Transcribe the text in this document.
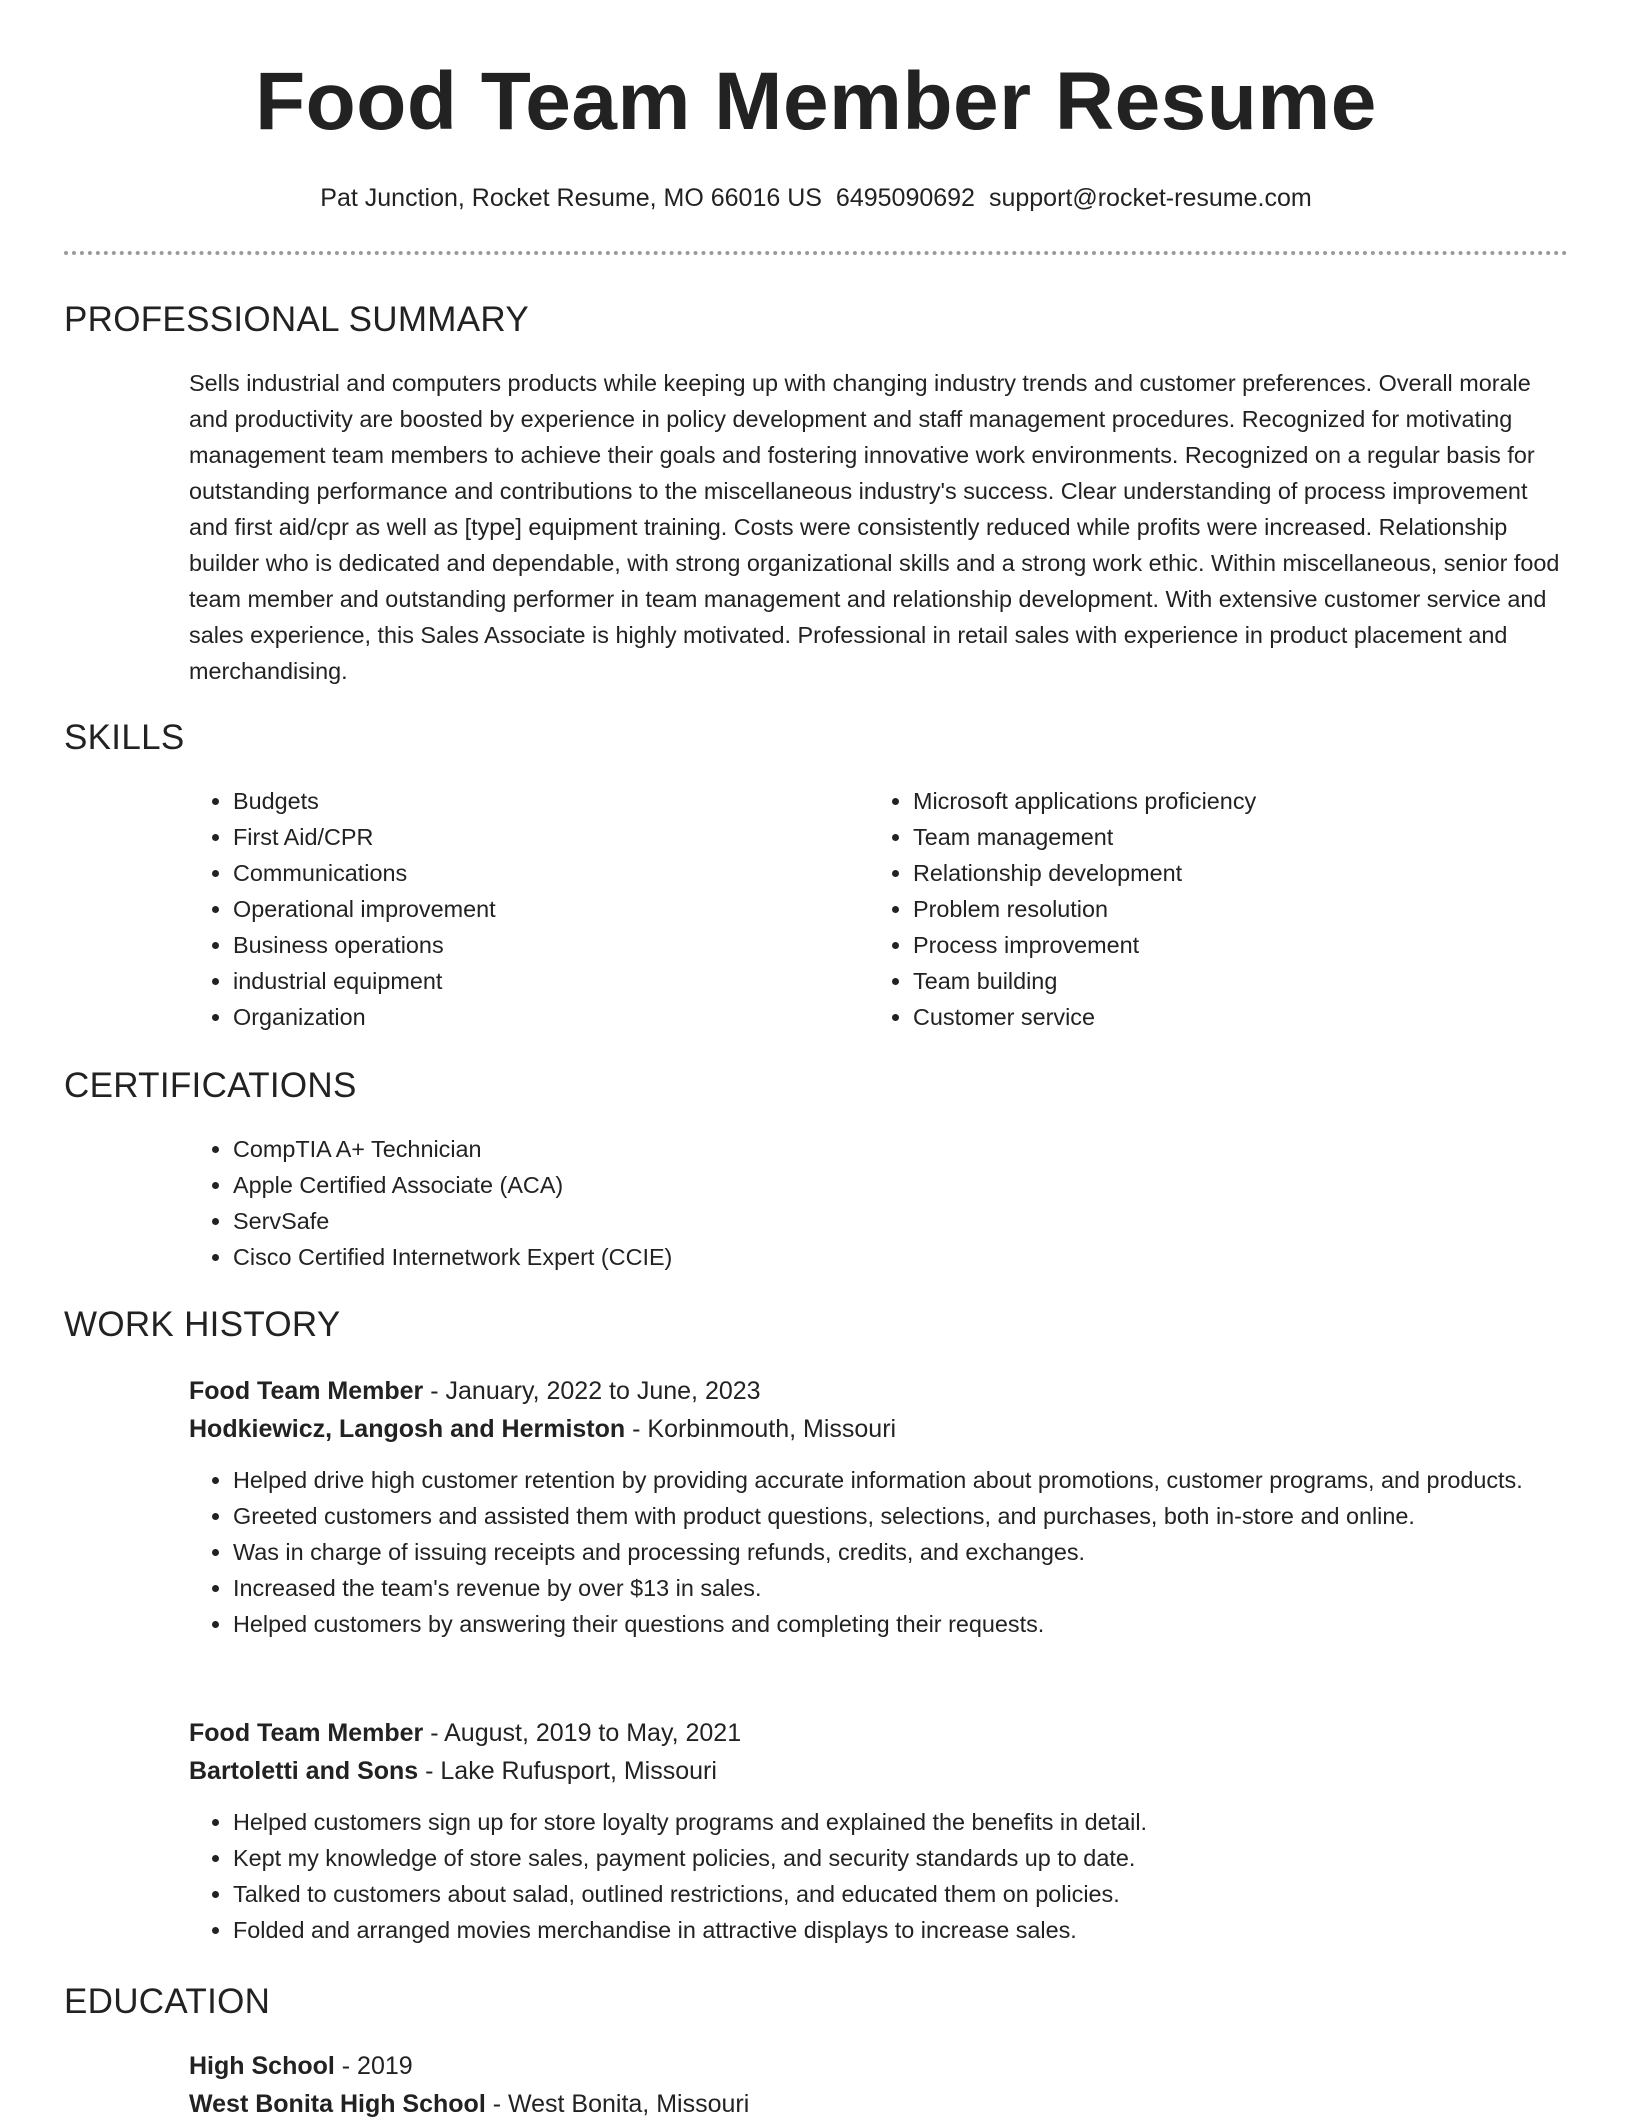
Food Team Member Resume
Pat Junction, Rocket Resume, MO 66016 US 6495090692 support@rocket-resume.com
PROFESSIONAL SUMMARY

Sells industrial and computers products while keeping up with changing industry trends and customer preferences. Overall morale and productivity are boosted by experience in policy development and staff management procedures. Recognized for motivating management team members to achieve their goals and fostering innovative work environments. Recognized on a regular basis for outstanding performance and contributions to the miscellaneous industry's success. Clear understanding of process improvement and first aid/cpr as well as [type] equipment training. Costs were consistently reduced while profits were increased. Relationship builder who is dedicated and dependable, with strong organizational skills and a strong work ethic. Within miscellaneous, senior food team member and outstanding performer in team management and relationship development. With extensive customer service and sales experience, this Sales Associate is highly motivated. Professional in retail sales with experience in product placement and merchandising.

SKILLS
• Budgets
• First Aid/CPR
• Communications
• Operational improvement
• Business operations
• industrial equipment
• Organization
• Microsoft applications proficiency
• Team management
• Relationship development
• Problem resolution
• Process improvement
• Team building
• Customer service
CERTIFICATIONS
• CompTIA A+ Technician
• Apple Certified Associate (ACA)
• ServSafe
• Cisco Certified Internetwork Expert (CCIE)
WORK HISTORY
Food Team Member - January, 2022 to June, 2023
Hodkiewicz, Langosh and Hermiston - Korbinmouth, Missouri
• Helped drive high customer retention by providing accurate information about promotions, customer programs, and products.
• Greeted customers and assisted them with product questions, selections, and purchases, both in-store and online.
• Was in charge of issuing receipts and processing refunds, credits, and exchanges.
• Increased the team's revenue by over $13 in sales.
• Helped customers by answering their questions and completing their requests.
Food Team Member - August, 2019 to May, 2021
Bartoletti and Sons - Lake Rufusport, Missouri
• Helped customers sign up for store loyalty programs and explained the benefits in detail.
• Kept my knowledge of store sales, payment policies, and security standards up to date.
• Talked to customers about salad, outlined restrictions, and educated them on policies.
• Folded and arranged movies merchandise in attractive displays to increase sales.
EDUCATION
High School - 2019
West Bonita High School - West Bonita, Missouri
